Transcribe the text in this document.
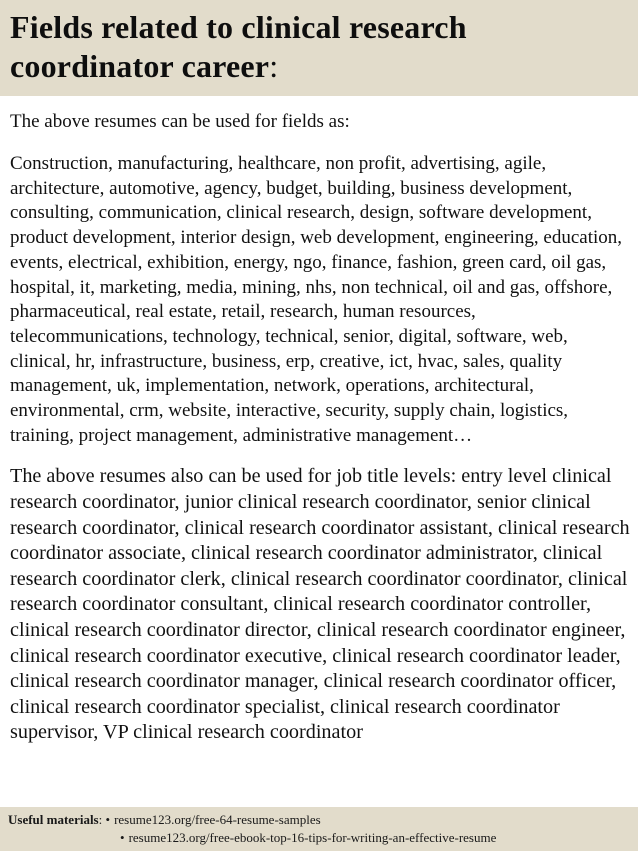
Fields related to clinical research
coordinator career:

The above resumes can be used for fields as:

Construction, manufacturing, healthcare, non profit, advertising, agile, architecture, automotive, agency, budget, building, business development, consulting, communication, clinical research, design, software development, product development, interior design, web development, engineering, education, events, electrical, exhibition, energy, ngo, finance, fashion, green card, oil gas, hospital, it, marketing, media, mining, nhs, non technical, oil and gas, offshore, pharmaceutical, real estate, retail, research, human resources, telecommunications, technology, technical, senior, digital, software, web, clinical, hr, infrastructure, business, erp, creative, ict, hvac, sales, quality management, uk, implementation, network, operations, architectural, environmental, crm, website, interactive, security, supply chain, logistics, training, project management, administrative management…

The above resumes also can be used for job title levels: entry level clinical research coordinator, junior clinical research coordinator, senior clinical research coordinator, clinical research coordinator assistant, clinical research coordinator associate, clinical research coordinator administrator, clinical research coordinator clerk, clinical research coordinator coordinator, clinical research coordinator consultant, clinical research coordinator controller, clinical research coordinator director, clinical research coordinator engineer, clinical research coordinator executive, clinical research coordinator leader, clinical research coordinator manager, clinical research coordinator officer, clinical research coordinator specialist, clinical research coordinator supervisor, VP clinical research coordinator

Useful materials: • resume123.org/free-64-resume-samples
• resume123.org/free-ebook-top-16-tips-for-writing-an-effective-resume
